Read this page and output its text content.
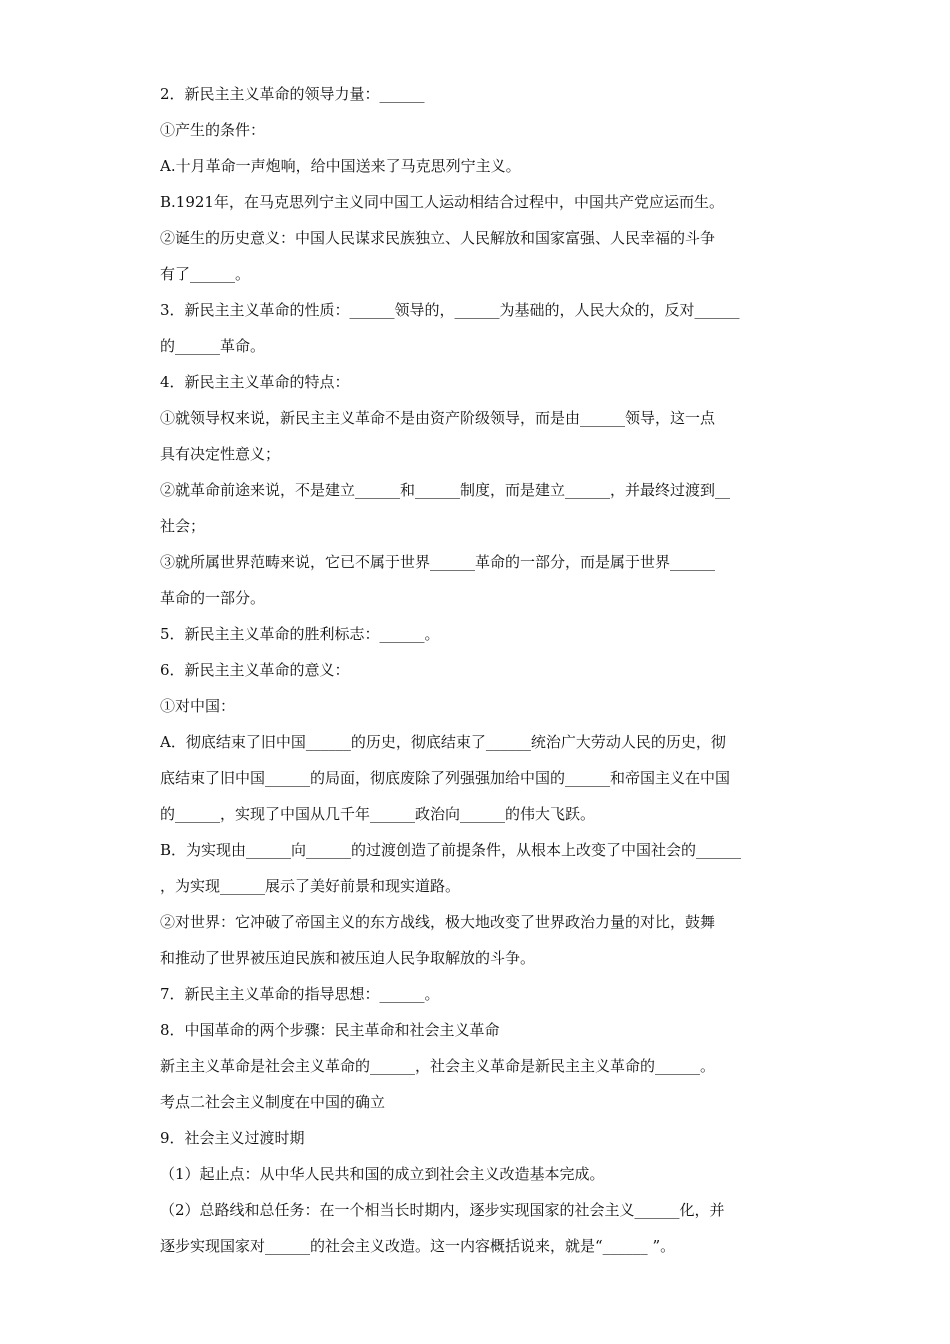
2．新民主主义革命的领导力量：______
①产生的条件：
A.十月革命一声炮响，给中国送来了马克思列宁主义。
B.1921年，在马克思列宁主义同中国工人运动相结合过程中，中国共产党应运而生。
②诞生的历史意义：中国人民谋求民族独立、人民解放和国家富强、人民幸福的斗争
有了______。
3．新民主主义革命的性质：______领导的，______为基础的，人民大众的，反对______
的______革命。
4．新民主主义革命的特点：
①就领导权来说，新民主主义革命不是由资产阶级领导，而是由______领导，这一点
具有决定性意义；
②就革命前途来说，不是建立______和______制度，而是建立______，并最终过渡到__
社会；
③就所属世界范畴来说，它已不属于世界______革命的一部分，而是属于世界______
革命的一部分。
5．新民主主义革命的胜利标志：______。
6．新民主主义革命的意义：
①对中国：
A．彻底结束了旧中国______的历史，彻底结束了______统治广大劳动人民的历史，彻
底结束了旧中国______的局面，彻底废除了列强强加给中国的______和帝国主义在中国
的______，实现了中国从几千年______政治向______的伟大飞跃。
B．为实现由______向______的过渡创造了前提条件，从根本上改变了中国社会的______
，为实现______展示了美好前景和现实道路。
②对世界：它冲破了帝国主义的东方战线，极大地改变了世界政治力量的对比，鼓舞
和推动了世界被压迫民族和被压迫人民争取解放的斗争。
7．新民主主义革命的指导思想：______。
8．中国革命的两个步骤：民主革命和社会主义革命
新主主义革命是社会主义革命的______，社会主义革命是新民主主义革命的______。
考点二社会主义制度在中国的确立
9．社会主义过渡时期
（1）起止点：从中华人民共和国的成立到社会主义改造基本完成。
（2）总路线和总任务：在一个相当长时期内，逐步实现国家的社会主义______化，并
逐步实现国家对______的社会主义改造。这一内容概括说来，就是“______ ”。
